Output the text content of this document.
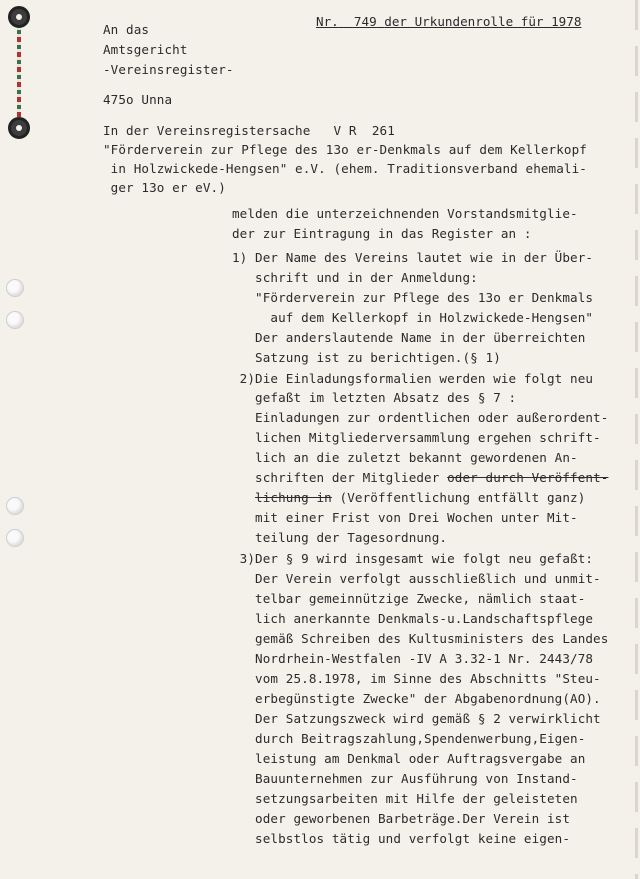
Nr. 749 der Urkundenrolle für 1978
An das
Amtsgericht
-Vereinsregister-
475o Unna
In der Vereinsregistersache   V R  261
"Förderverein zur Pflege des 13o er-Denkmals auf dem Kellerkopf
in Holzwickede-Hengsen" e.V. (ehem. Traditionsverband ehemali-
ger 13o er eV.)
melden die unterzeichnenden Vorstandsmitglie-
der zur Eintragung in das Register an :
1) Der Name des Vereins lautet wie in der Über-
schrift und in der Anmeldung:
"Förderverein zur Pflege des 13o er Denkmals
auf dem Kellerkopf in Holzwickede-Hengsen"
Der anderslautende Name in der überreichten
Satzung ist zu berichtigen.(§ 1)
2)Die Einladungsformalien werden wie folgt neu
gefaßt im letzten Absatz des § 7 :
Einladungen zur ordentlichen oder außerordent-
lichen Mitgliederversammlung ergehen schrift-
lich an die zuletzt bekannt gewordenen An-
schriften der Mitglieder oder durch Veröffent-
lichung in (Veröffentlichung entfällt ganz)
mit einer Frist von Drei Wochen unter Mit-
teilung der Tagesordnung.
3)Der § 9 wird insgesamt wie folgt neu gefaßt:
Der Verein verfolgt ausschließlich und unmit-
telbar gemeinnützige Zwecke, nämlich staat-
lich anerkannte Denkmals-u.Landschaftspflege
gemäß Schreiben des Kultusministers des Landes
Nordrhein-Westfalen -IV A 3.32-1 Nr. 2443/78
vom 25.8.1978, im Sinne des Abschnitts "Steu-
erbegünstigte Zwecke" der Abgabenordnung(AO).
Der Satzungszweck wird gemäß § 2 verwirklicht
durch Beitragszahlung,Spendenwerbung,Eigen-
leistung am Denkmal oder Auftragsvergabe an
Bauunternehmen zur Ausführung von Instand-
setzungsarbeiten mit Hilfe der geleisteten
oder geworbenen Barbeträge.Der Verein ist
selbstlos tätig und verfolgt keine eigen-
